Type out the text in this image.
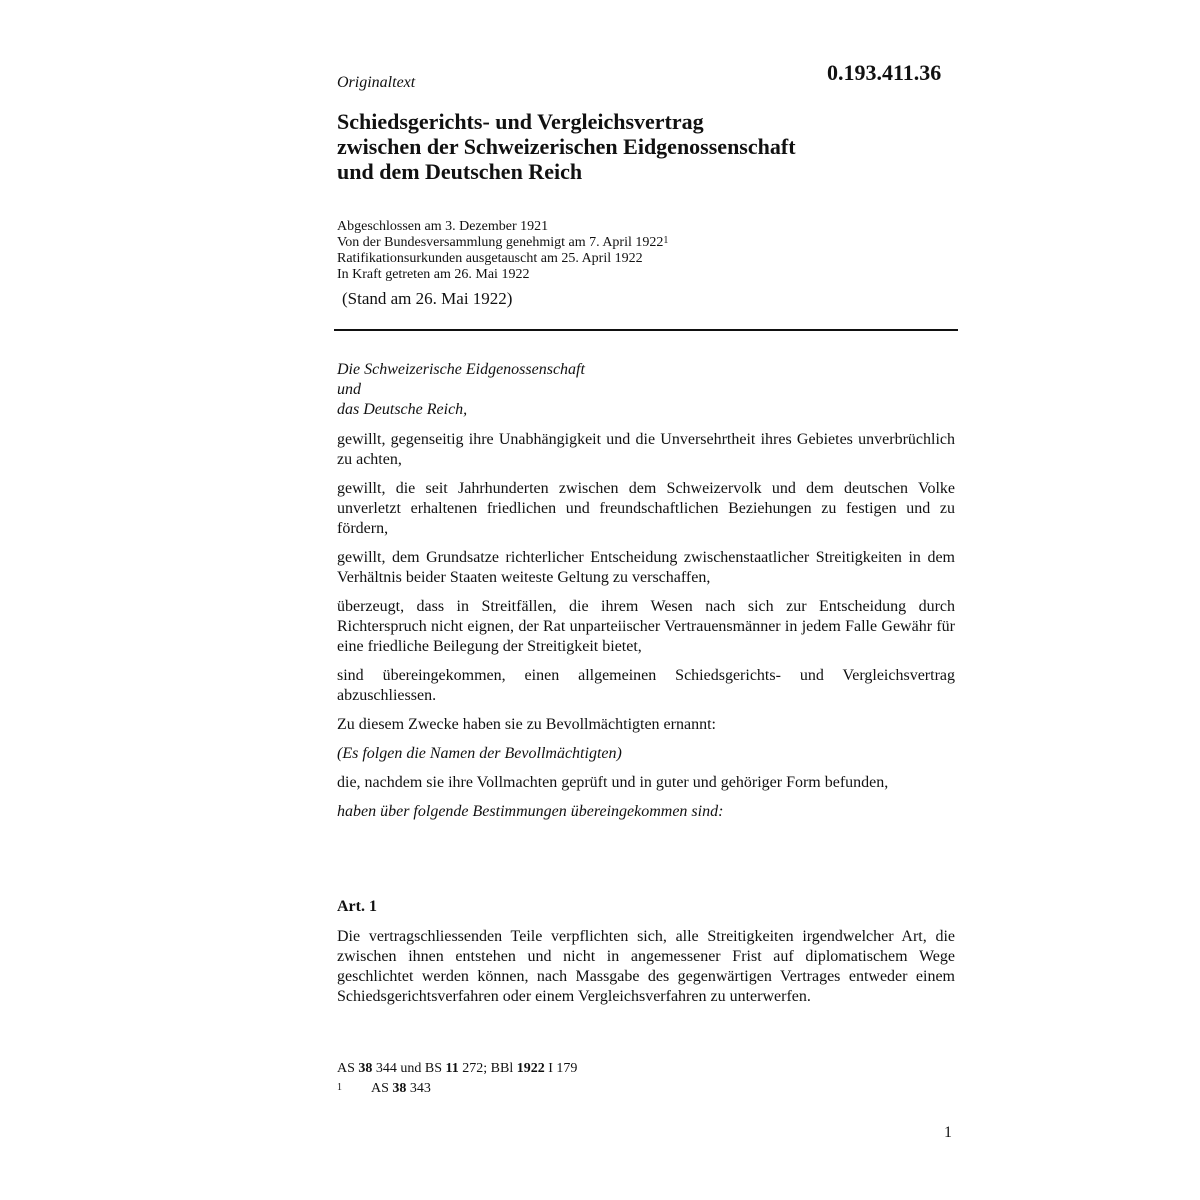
0.193.411.36
Originaltext
Schiedsgerichts- und Vergleichsvertrag
zwischen der Schweizerischen Eidgenossenschaft
und dem Deutschen Reich
Abgeschlossen am 3. Dezember 1921
Von der Bundesversammlung genehmigt am 7. April 1922$^1$
Ratifikationsurkunden ausgetauscht am 25. April 1922
In Kraft getreten am 26. Mai 1922
(Stand am 26. Mai 1922)
Die Schweizerische Eidgenossenschaft
und
das Deutsche Reich,
gewillt, gegenseitig ihre Unabhängigkeit und die Unversehrtheit ihres Gebietes unverbrüchlich zu achten,
gewillt, die seit Jahrhunderten zwischen dem Schweizervolk und dem deutschen Volke unverletzt erhaltenen friedlichen und freundschaftlichen Beziehungen zu festigen und zu fördern,
gewillt, dem Grundsatze richterlicher Entscheidung zwischenstaatlicher Streitigkeiten in dem Verhältnis beider Staaten weiteste Geltung zu verschaffen,
überzeugt, dass in Streitfällen, die ihrem Wesen nach sich zur Entscheidung durch Richterspruch nicht eignen, der Rat unparteiischer Vertrauensmänner in jedem Falle Gewähr für eine friedliche Beilegung der Streitigkeit bietet,
sind übereingekommen, einen allgemeinen Schiedsgerichts- und Vergleichsvertrag abzuschliessen.
Zu diesem Zwecke haben sie zu Bevollmächtigten ernannt:
(Es folgen die Namen der Bevollmächtigten)
die, nachdem sie ihre Vollmachten geprüft und in guter und gehöriger Form befunden,
haben über folgende Bestimmungen übereingekommen sind:
Art. 1
Die vertragschliessenden Teile verpflichten sich, alle Streitigkeiten irgendwelcher Art, die zwischen ihnen entstehen und nicht in angemessener Frist auf diplomatischem Wege geschlichtet werden können, nach Massgabe des gegenwärtigen Vertrages entweder einem Schiedsgerichtsverfahren oder einem Vergleichsverfahren zu unterwerfen.
AS 38 344 und BS 11 272; BBl 1922 I 179
1 AS 38 343
1
